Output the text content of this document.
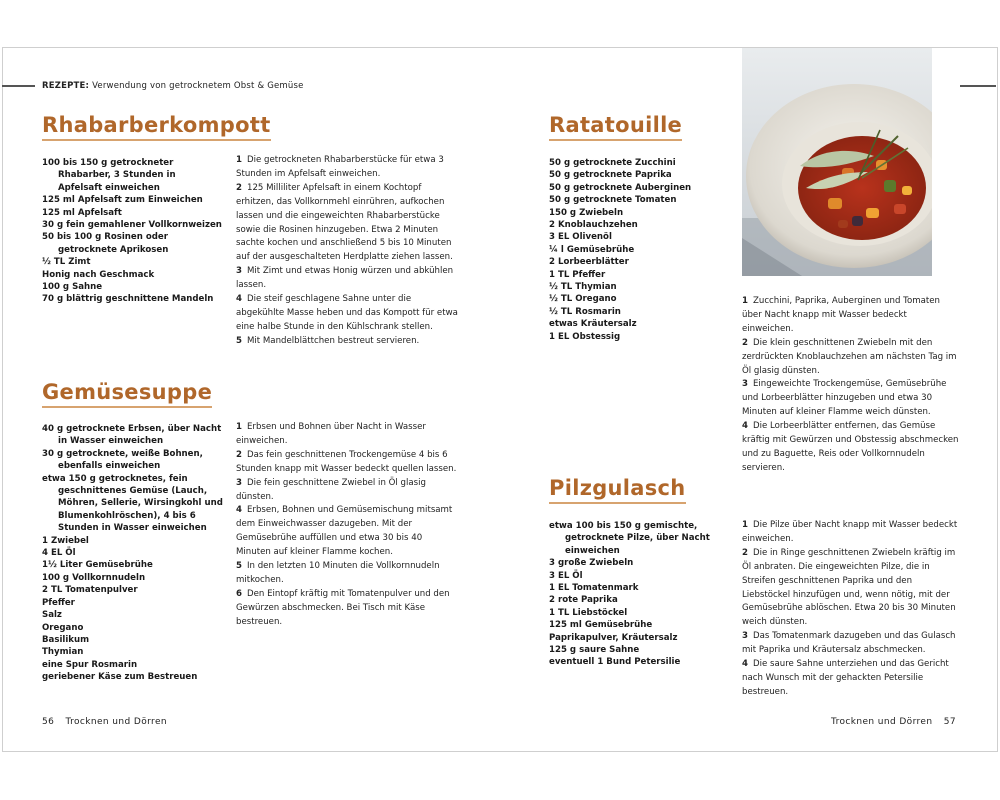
REZEPTE: Verwendung von getrocknetem Obst & Gemüse
Rhabarberkompott
100 bis 150 g getrockneter Rhabarber, 3 Stunden in Apfelsaft einweichen
125 ml Apfelsaft zum Einweichen
125 ml Apfelsaft
30 g fein gemahlener Vollkornweizen
50 bis 100 g Rosinen oder getrocknete Aprikosen
½ TL Zimt
Honig nach Geschmack
100 g Sahne
70 g blättrig geschnittene Mandeln
1 Die getrockneten Rhabarberstücke für etwa 3 Stunden im Apfelsaft einweichen.
2 125 Milliliter Apfelsaft in einem Kochtopf erhitzen, das Vollkornmehl einrühren, aufkochen lassen und die eingeweichten Rhabarberstücke sowie die Rosinen hinzugeben. Etwa 2 Minuten sachte kochen und anschließend 5 bis 10 Minuten auf der ausgeschalteten Herdplatte ziehen lassen.
3 Mit Zimt und etwas Honig würzen und abkühlen lassen.
4 Die steif geschlagene Sahne unter die abgekühlte Masse heben und das Kompott für etwa eine halbe Stunde in den Kühlschrank stellen.
5 Mit Mandelblättchen bestreut servieren.
Gemüsesuppe
40 g getrocknete Erbsen, über Nacht in Wasser einweichen
30 g getrocknete, weiße Bohnen, ebenfalls einweichen
etwa 150 g getrocknetes, fein geschnittenes Gemüse (Lauch, Möhren, Sellerie, Wirsingkohl und Blumenkohlröschen), 4 bis 6 Stunden in Wasser einweichen
1 Zwiebel
4 EL Öl
1½ Liter Gemüsebrühe
100 g Vollkornnudeln
2 TL Tomatenpulver
Pfeffer
Salz
Oregano
Basilikum
Thymian
eine Spur Rosmarin
geriebener Käse zum Bestreuen
1 Erbsen und Bohnen über Nacht in Wasser einweichen.
2 Das fein geschnittenen Trockengemüse 4 bis 6 Stunden knapp mit Wasser bedeckt quellen lassen.
3 Die fein geschnittene Zwiebel in Öl glasig dünsten.
4 Erbsen, Bohnen und Gemüsemischung mitsamt dem Einweichwasser dazugeben. Mit der Gemüsebrühe auffüllen und etwa 30 bis 40 Minuten auf kleiner Flamme kochen.
5 In den letzten 10 Minuten die Vollkornnudeln mitkochen.
6 Den Eintopf kräftig mit Tomatenpulver und den Gewürzen abschmecken. Bei Tisch mit Käse bestreuen.
Ratatouille
50 g getrocknete Zucchini
50 g getrocknete Paprika
50 g getrocknete Auberginen
50 g getrocknete Tomaten
150 g Zwiebeln
2 Knoblauchzehen
3 EL Olivenöl
¼ l Gemüsebrühe
2 Lorbeerblätter
1 TL Pfeffer
½ TL Thymian
½ TL Oregano
½ TL Rosmarin
etwas Kräutersalz
1 EL Obstessig
1 Zucchini, Paprika, Auberginen und Tomaten über Nacht knapp mit Wasser bedeckt einweichen.
2 Die klein geschnittenen Zwiebeln mit den zerdrückten Knoblauchzehen am nächsten Tag im Öl glasig dünsten.
3 Eingeweichte Trockengemüse, Gemüsebrühe und Lorbeerblätter hinzugeben und etwa 30 Minuten auf kleiner Flamme weich dünsten.
4 Die Lorbeerblätter entfernen, das Gemüse kräftig mit Gewürzen und Obstessig abschmecken und zu Baguette, Reis oder Vollkornnudeln servieren.
Pilzgulasch
etwa 100 bis 150 g gemischte, getrocknete Pilze, über Nacht einweichen
3 große Zwiebeln
3 EL Öl
1 EL Tomatenmark
2 rote Paprika
1 TL Liebstöckel
125 ml Gemüsebrühe
Paprikapulver, Kräutersalz
125 g saure Sahne
eventuell 1 Bund Petersilie
1 Die Pilze über Nacht knapp mit Wasser bedeckt einweichen.
2 Die in Ringe geschnittenen Zwiebeln kräftig im Öl anbraten. Die eingeweichten Pilze, die in Streifen geschnittenen Paprika und den Liebstöckel hinzufügen und, wenn nötig, mit der Gemüsebrühe ablöschen. Etwa 20 bis 30 Minuten weich dünsten.
3 Das Tomatenmark dazugeben und das Gulasch mit Paprika und Kräutersalz abschmecken.
4 Die saure Sahne unterziehen und das Gericht nach Wunsch mit der gehackten Petersilie bestreuen.
56 Trocknen und Dörren	Trocknen und Dörren 57
